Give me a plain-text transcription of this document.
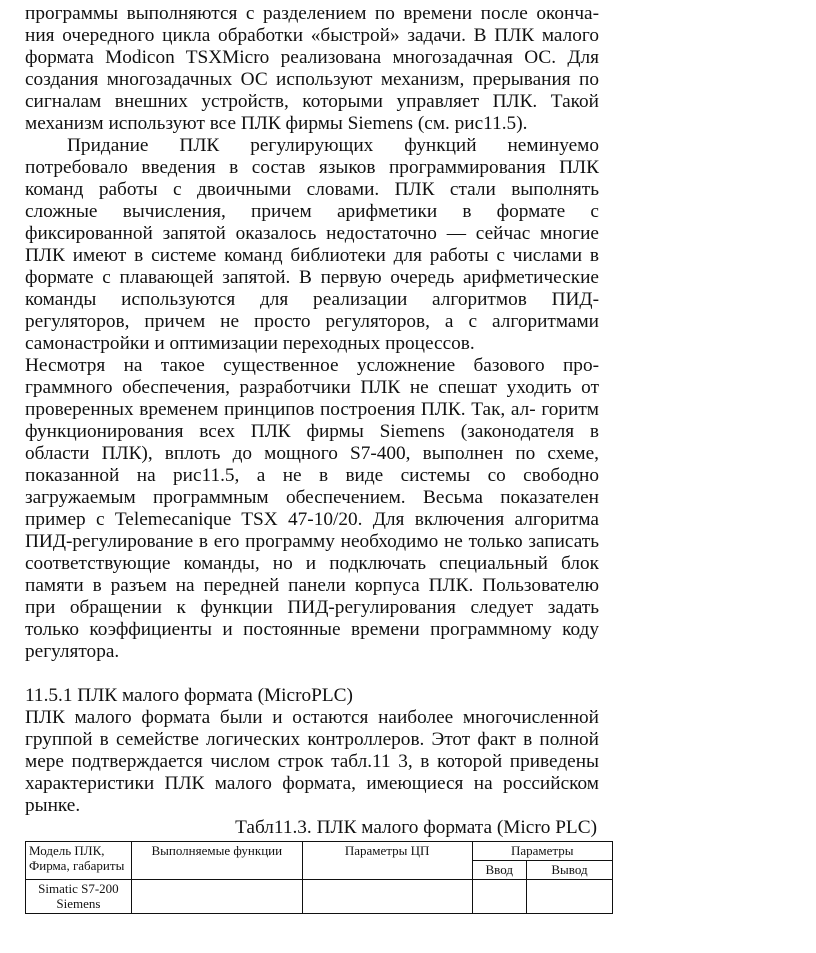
программы выполняются с разделением по времени после оконча- ния очередного цикла обработки «быстрой» задачи. В ПЛК малого формата Modicon TSXMicro реализована многозадачная ОС. Для создания многозадачных ОС используют механизм, прерывания по сигналам внешних устройств, которыми управляет ПЛК. Такой механизм используют все ПЛК фирмы Siemens (см. рис11.5).

Придание ПЛК регулирующих функций неминуемо потребовало введения в состав языков программирования ПЛК команд работы с двоичными словами. ПЛК стали выполнять сложные вычисления, причем арифметики в формате с фиксированной запятой оказалось недостаточно — сейчас многие ПЛК имеют в системе команд библиотеки для работы с числами в формате с плавающей запятой. В первую очередь арифметические команды используются для реализации алгоритмов ПИД-регуляторов, причем не просто регуляторов, а с алгоритмами самонастройки и оптимизации переходных процессов.

Несмотря на такое существенное усложнение базового про- граммного обеспечения, разработчики ПЛК не спешат уходить от проверенных временем принципов построения ПЛК. Так, ал- горитм функционирования всех ПЛК фирмы Siemens (законодателя в области ПЛК), вплоть до мощного S7-400, выполнен по схеме, показанной на рис11.5, а не в виде системы со свободно загружаемым программным обеспечением. Весьма показателен пример с Telemecanique TSX 47-10/20. Для включения алгоритма ПИД-регулирование в его программу необходимо не только записать соответствующие команды, но и подключать специальный блок памяти в разъем на передней панели корпуса ПЛК. Пользователю при обращении к функции ПИД-регулирования следует задать только коэффициенты и постоянные времени программному коду регулятора.

11.5.1 ПЛК малого формата (MicroPLC)

ПЛК малого формата были и остаются наиболее многочисленной группой в семействе логических контроллеров. Этот факт в полной мере подтверждается числом строк табл.11 3, в которой приведены характеристики ПЛК малого формата, имеющиеся на российском рынке.

Табл11.3. ПЛК малого формата (Micro PLC)

Модель ПЛК, Фирма, габариты	Выполняемые функции	Параметры ЦП	Параметры	
			Ввод	Вывод

Simatic S7-200
Siemens				
